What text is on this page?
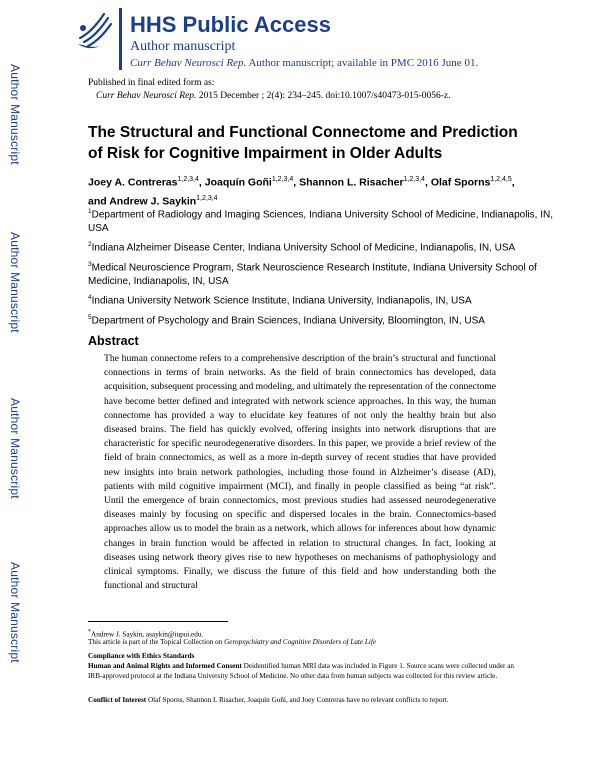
Author Manuscript
Author Manuscript
Author Manuscript
Author Manuscript
HHS Public Access
Author manuscript
Curr Behav Neurosci Rep. Author manuscript; available in PMC 2016 June 01.
Published in final edited form as:
Curr Behav Neurosci Rep. 2015 December ; 2(4): 234–245. doi:10.1007/s40473-015-0056-z.
The Structural and Functional Connectome and Prediction of Risk for Cognitive Impairment in Older Adults
Joey A. Contreras$^{1,2,3,4}$, Joaquín Goñi$^{1,2,3,4}$, Shannon L. Risacher$^{1,2,3,4}$, Olaf Sporns$^{1,2,4,5}$,
and Andrew J. Saykin$^{1,2,3,4}$
$^1$Department of Radiology and Imaging Sciences, Indiana University School of Medicine, Indianapolis, IN, USA
$^2$Indiana Alzheimer Disease Center, Indiana University School of Medicine, Indianapolis, IN, USA
$^3$Medical Neuroscience Program, Stark Neuroscience Research Institute, Indiana University School of Medicine, Indianapolis, IN, USA
$^4$Indiana University Network Science Institute, Indiana University, Indianapolis, IN, USA
$^5$Department of Psychology and Brain Sciences, Indiana University, Bloomington, IN, USA
Abstract
The human connectome refers to a comprehensive description of the brain’s structural and functional connections in terms of brain networks. As the field of brain connectomics has developed, data acquisition, subsequent processing and modeling, and ultimately the representation of the connectome have become better defined and integrated with network science approaches. In this way, the human connectome has provided a way to elucidate key features of not only the healthy brain but also diseased brains. The field has quickly evolved, offering insights into network disruptions that are characteristic for specific neurodegenerative disorders. In this paper, we provide a brief review of the field of brain connectomics, as well as a more in-depth survey of recent studies that have provided new insights into brain network pathologies, including those found in Alzheimer’s disease (AD), patients with mild cognitive impairment (MCI), and finally in people classified as being “at risk”. Until the emergence of brain connectomics, most previous studies had assessed neurodegenerative diseases mainly by focusing on specific and dispersed locales in the brain. Connectomics-based approaches allow us to model the brain as a network, which allows for inferences about how dynamic changes in brain function would be affected in relation to structural changes. In fact, looking at diseases using network theory gives rise to new hypotheses on mechanisms of pathophysiology and clinical symptoms. Finally, we discuss the future of this field and how understanding both the functional and structural
*Andrew J. Saykin, asaykin@iupui.edu.
This article is part of the Topical Collection on Geropsychiatry and Cognitive Disorders of Late Life
Compliance with Ethics Standards
Human and Animal Rights and Informed Consent Deidentified human MRI data was included in Figure 1. Source scans were collected under an IRB-approved protocol at the Indiana University School of Medicine. No other data from human subjects was collected for this review article.
Conflict of Interest Olaf Sporns, Shannon L Risacher, Joaquín Goñi, and Joey Contreras have no relevant conflicts to report.
